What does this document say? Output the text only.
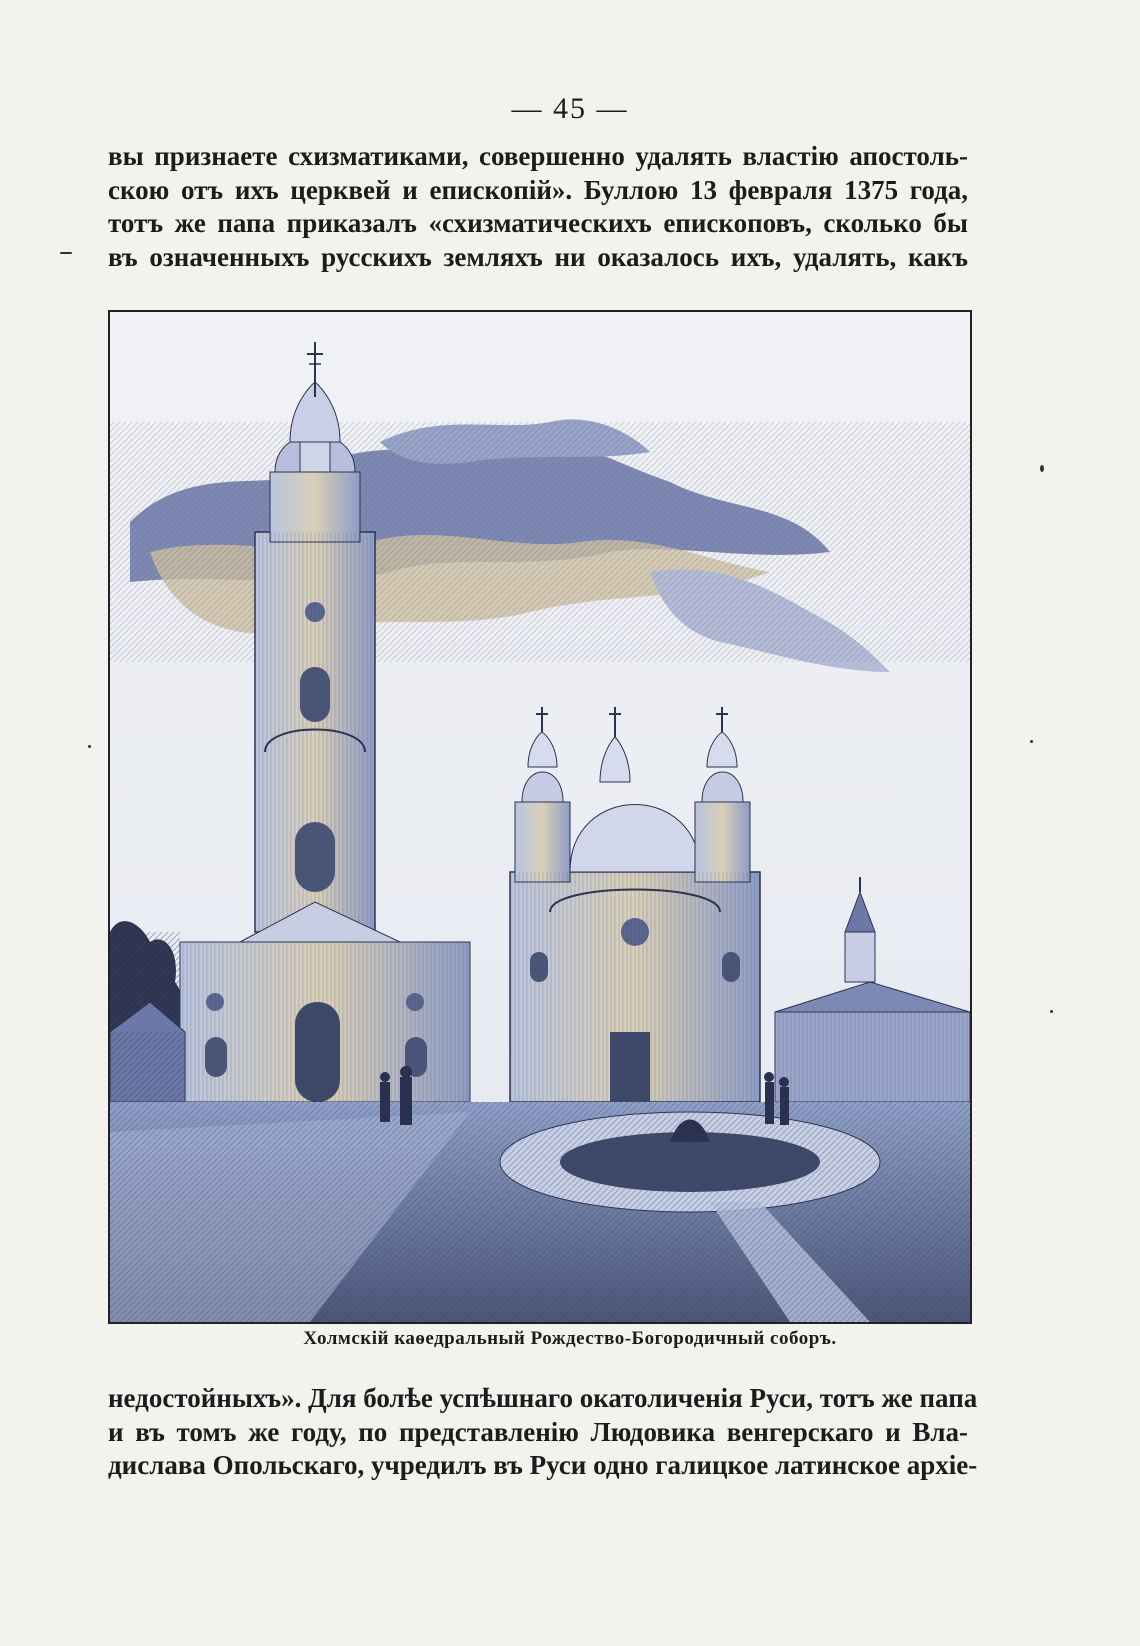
— 45 —
вы признаете схизматиками, совершенно удалять властію апостоль-
скою отъ ихъ церквей и епископій». Буллою 13 февраля 1375 года,
тотъ же папа приказалъ «схизматическихъ епископовъ, сколько бы
въ означенныхъ русскихъ земляхъ ни оказалось ихъ, удалять, какъ
Холмскій каѳедральный Рождество-Богородичный соборъ.
недостойныхъ». Для болѣе успѣшнаго окатоличенія Руси, тотъ же папа
и въ томъ же году, по представленію Людовика венгерскаго и Вла-
дислава Опольскаго, учредилъ въ Руси одно галицкое латинское архіе-
